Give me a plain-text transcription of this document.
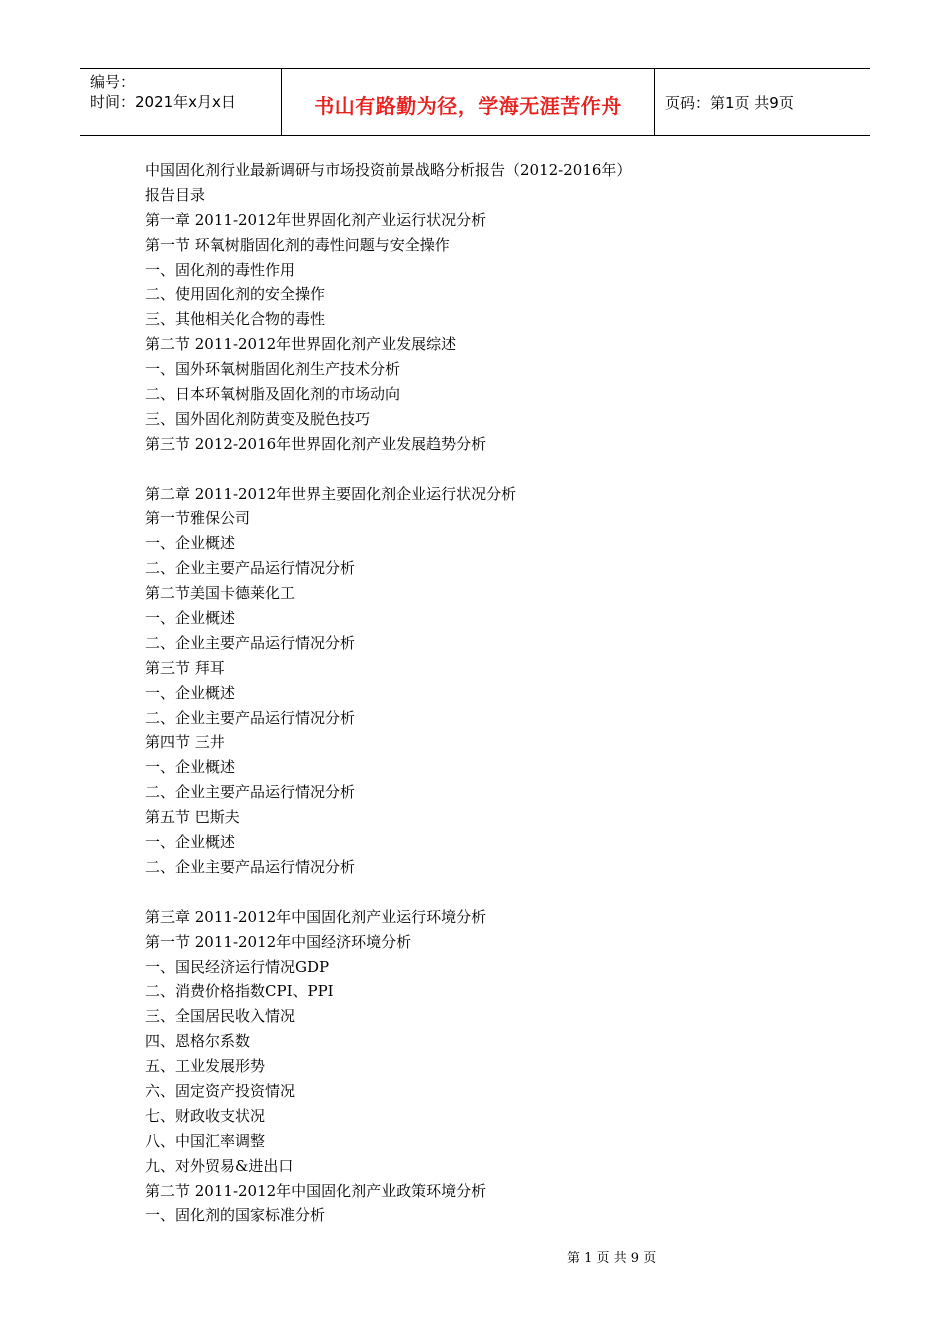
编号：
时间：2021年x月x日	书山有路勤为径，学海无涯苦作舟	页码：第1页 共9页
中国固化剂行业最新调研与市场投资前景战略分析报告（2012-2016年）
报告目录
第一章 2011-2012年世界固化剂产业运行状况分析
第一节 环氧树脂固化剂的毒性问题与安全操作
一、固化剂的毒性作用
二、使用固化剂的安全操作
三、其他相关化合物的毒性
第二节 2011-2012年世界固化剂产业发展综述
一、国外环氧树脂固化剂生产技术分析
二、日本环氧树脂及固化剂的市场动向
三、国外固化剂防黄变及脱色技巧
第三节 2012-2016年世界固化剂产业发展趋势分析
第二章 2011-2012年世界主要固化剂企业运行状况分析
第一节雅保公司
一、企业概述
二、企业主要产品运行情况分析
第二节美国卡德莱化工
一、企业概述
二、企业主要产品运行情况分析
第三节 拜耳
一、企业概述
二、企业主要产品运行情况分析
第四节 三井
一、企业概述
二、企业主要产品运行情况分析
第五节 巴斯夫
一、企业概述
二、企业主要产品运行情况分析
第三章 2011-2012年中国固化剂产业运行环境分析
第一节 2011-2012年中国经济环境分析
一、国民经济运行情况GDP
二、消费价格指数CPI、PPI
三、全国居民收入情况
四、恩格尔系数
五、工业发展形势
六、固定资产投资情况
七、财政收支状况
八、中国汇率调整
九、对外贸易&进出口
第二节 2011-2012年中国固化剂产业政策环境分析
一、固化剂的国家标准分析
第 1 页 共 9 页
